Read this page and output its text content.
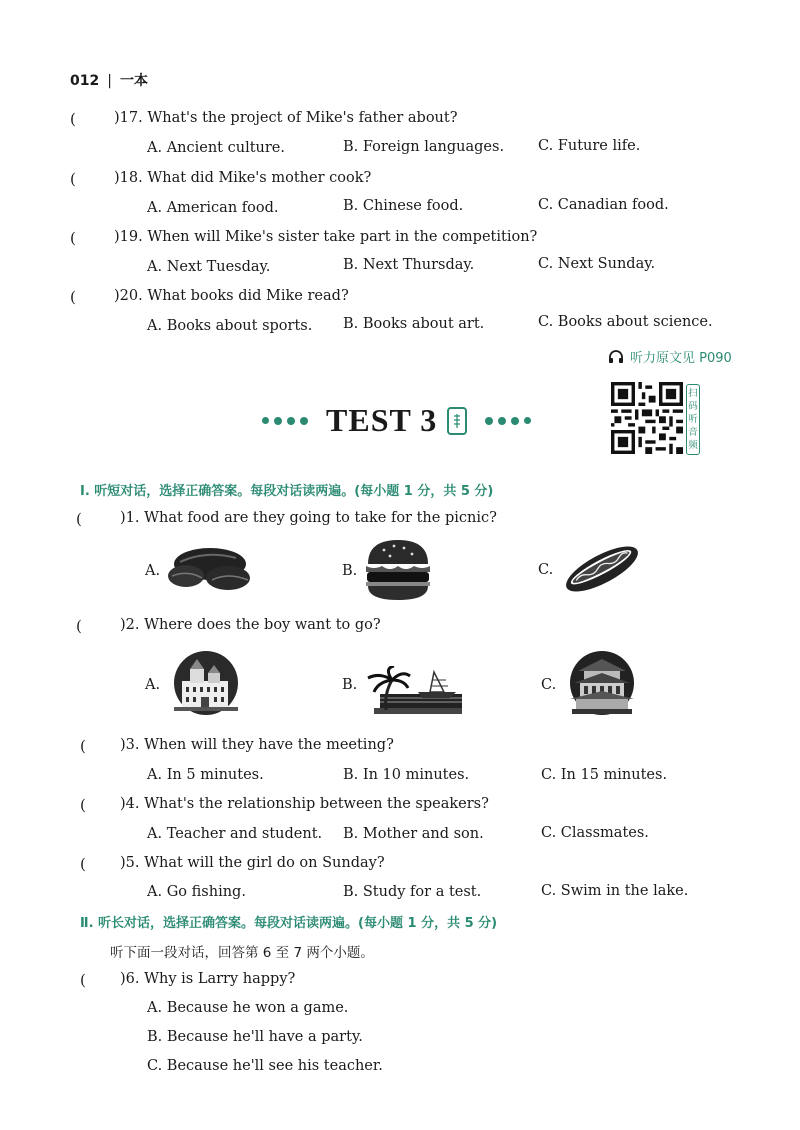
012 | 一本
(	)17. What's the project of Mike's father about?
A. Ancient culture.	B. Foreign languages. C. Future life.
(	)18. What did Mike's mother cook?
A. American food.	B. Chinese food.	C. Canadian food.
(	)19. When will Mike's sister take part in the competition?
A. Next Tuesday.	B. Next Thursday.	C. Next Sunday.
(	)20. What books did Mike read?
A. Books about sports. B. Books about art.	C. Books about science.
听力原文见 P090
TEST 3
扫
码
听
音
频
Ⅰ. 听短对话，选择正确答案。每段对话读两遍。(每小题 1 分，共 5 分)
(	)1. What food are they going to take for the picnic?
A.	B.	C.
(	)2. Where does the boy want to go?
A.	B.	C.
( )3. When will they have the meeting?
A. In 5 minutes.	B. In 10 minutes.	C. In 15 minutes.
( )4. What's the relationship between the speakers?
A. Teacher and student. B. Mother and son.	C. Classmates.
( )5. What will the girl do on Sunday?
A. Go fishing.	B. Study for a test.	C. Swim in the lake.
Ⅱ. 听长对话，选择正确答案。每段对话读两遍。(每小题 1 分，共 5 分)
听下面一段对话，回答第 6 至 7 两个小题。
( )6. Why is Larry happy?
A. Because he won a game.
B. Because he'll have a party.
C. Because he'll see his teacher.
